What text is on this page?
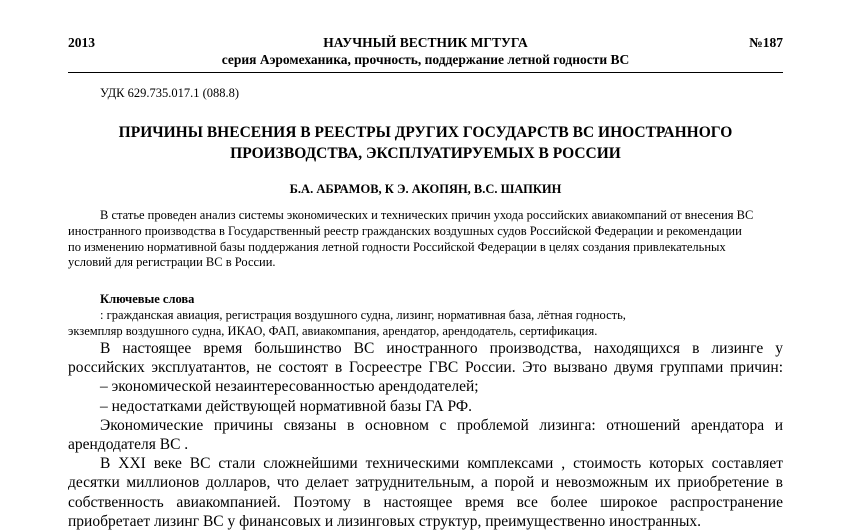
2013	НАУЧНЫЙ ВЕСТНИК МГТУГА	№187
серия Аэромеханика, прочность, поддержание летной годности ВС
УДК 629.735.017.1 (088.8)
ПРИЧИНЫ ВНЕСЕНИЯ В РЕЕСТРЫ ДРУГИХ ГОСУДАРСТВ ВС ИНОСТРАННОГО
ПРОИЗВОДСТВА, ЭКСПЛУАТИРУЕМЫХ В РОССИИ
Б.А. АБРАМОВ, К Э. АКОПЯН, В.С. ШАПКИН
В статье проведен анализ системы экономических и технических причин ухода российских авиакомпаний от внесения ВС
иностранного производства в Государственный реестр гражданских воздушных судов Российской Федерации и рекомендации
по изменению нормативной базы поддержания летной годности Российской Федерации в целях создания привлекательных
условий для регистрации ВС в России.
Ключевые слова
: гражданская авиация, регистрация воздушного судна, лизинг, нормативная база, лётная годность,
экземпляр воздушного судна, ИКАО, ФАП, авиакомпания, арендатор, арендодатель, сертификация.
В настоящее время большинство ВС иностранного производства, находящихся в лизинге у
российских эксплуатантов, не состоят в Госреестре ГВС России. Это вызвано двумя группами причин:
– экономической незаинтересованностью арендодателей;
– недостатками действующей нормативной базы ГА РФ.
Экономические причины связаны в основном с проблемой лизинга: отношений арендатора и
арендодателя ВС .
В XXI веке ВС стали сложнейшими техническими комплексами , стоимость которых составляет
десятки миллионов долларов, что делает затруднительным, а порой и невозможным их приобретение в
собственность авиакомпанией. Поэтому в настоящее время все более широкое распространение
приобретает лизинг ВС у финансовых и лизинговых структур, преимущественно иностранных.
